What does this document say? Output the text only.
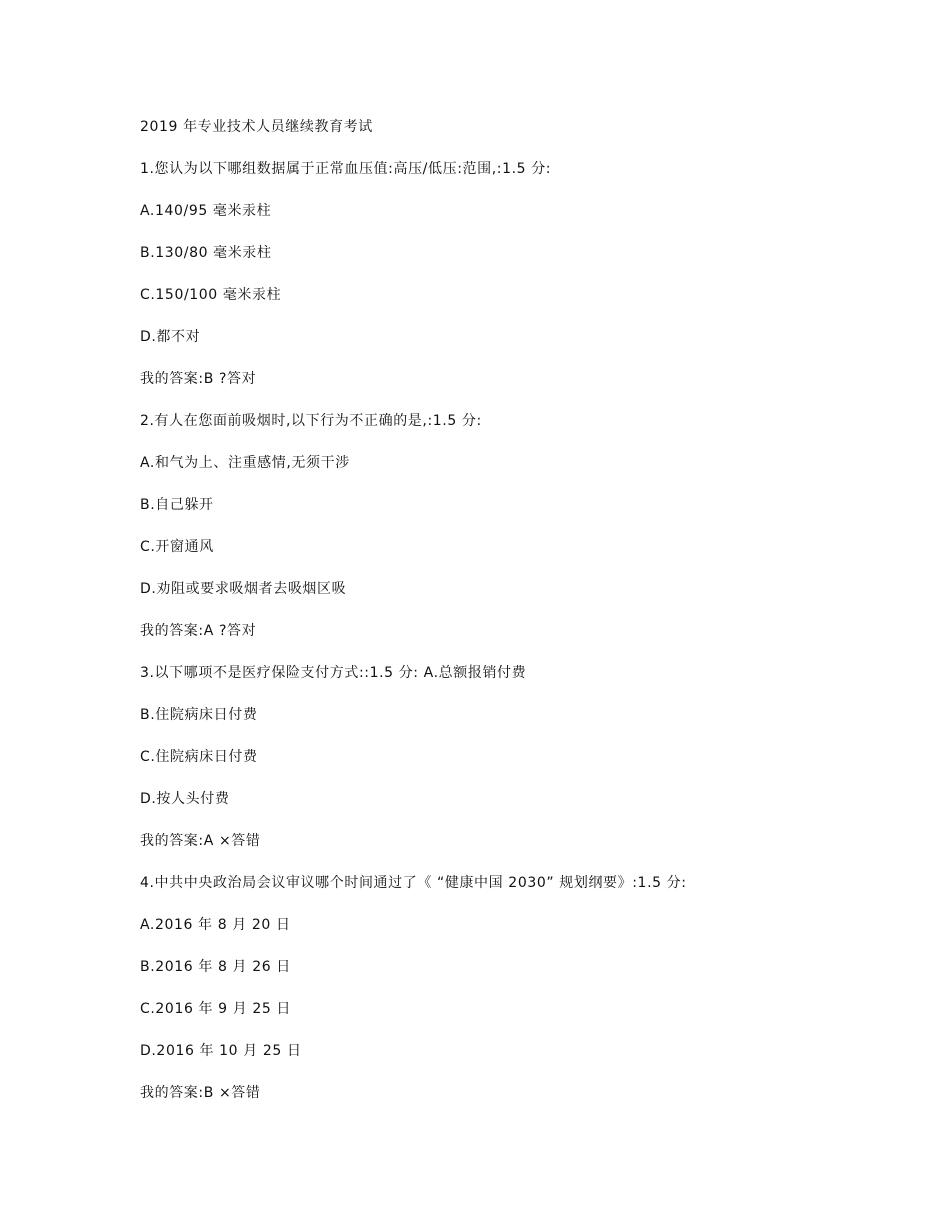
2019 年专业技术人员继续教育考试
1.您认为以下哪组数据属于正常血压值:高压/低压:范围,:1.5 分:
A.140/95 毫米汞柱
B.130/80 毫米汞柱
C.150/100 毫米汞柱
D.都不对
我的答案:B ?答对
2.有人在您面前吸烟时,以下行为不正确的是,:1.5 分:
A.和气为上、注重感情,无须干涉
B.自己躲开
C.开窗通风
D.劝阻或要求吸烟者去吸烟区吸
我的答案:A ?答对
3.以下哪项不是医疗保险支付方式::1.5 分: A.总额报销付费
B.住院病床日付费
C.住院病床日付费
D.按人头付费
我的答案:A ×答错
4.中共中央政治局会议审议哪个时间通过了《 “健康中国 2030” 规划纲要》:1.5 分:
A.2016 年 8 月 20 日
B.2016 年 8 月 26 日
C.2016 年 9 月 25 日
D.2016 年 10 月 25 日
我的答案:B ×答错
